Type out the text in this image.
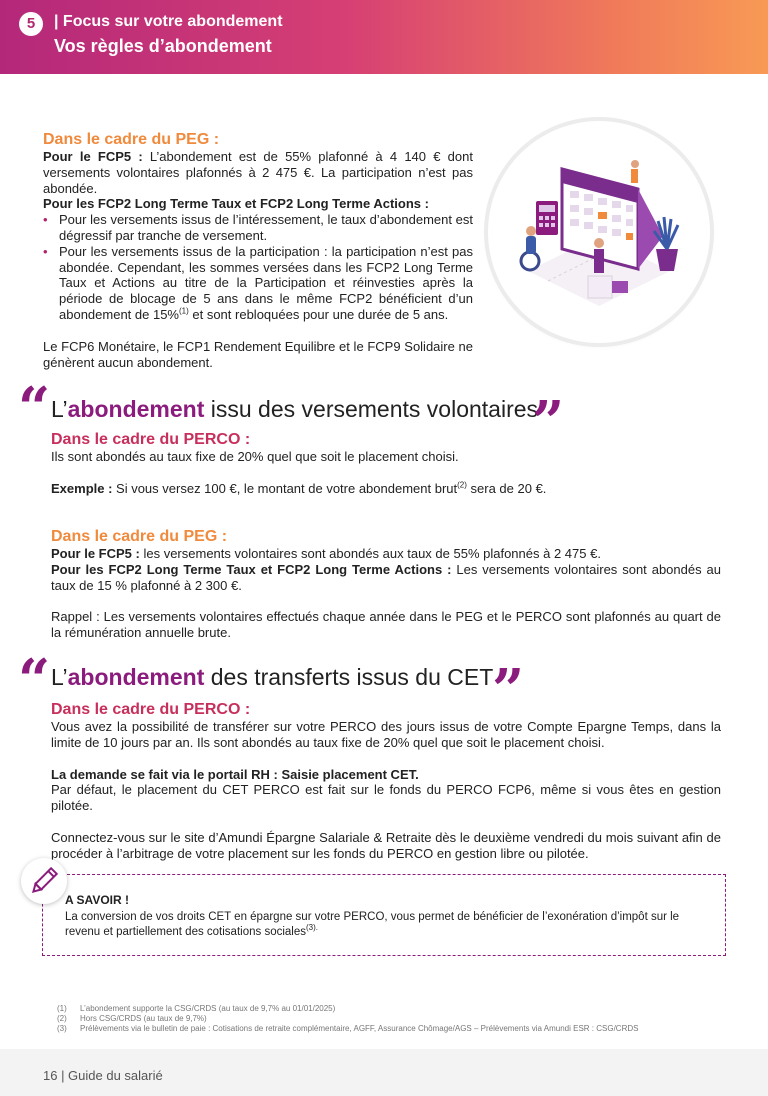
5	| Focus sur votre abondement
Vos règles d’abondement
Dans le cadre du PEG :

Pour le FCP5 : L’abondement est de 55% plafonné à 4 140 € dont versements volontaires plafonnés à 2 475 €. La participation n’est pas abondée.

Pour les FCP2 Long Terme Taux et FCP2 Long Terme Actions :

• Pour les versements issus de l’intéressement, le taux d’abondement est dégressif par tranche de versement.
• Pour les versements issus de la participation : la participation n’est pas abondée. Cependant, les sommes versées dans les FCP2 Long Terme Taux et Actions au titre de la Participation et réinvesties après la période de blocage de 5 ans dans le même FCP2 bénéficient d’un abondement de 15%$^{(1)}$ et sont rebloquées pour une durée de 5 ans.

Le FCP6 Monétaire, le FCP1 Rendement Equilibre et le FCP9 Solidaire ne génèrent aucun abondement.

“ L’abondement issu des versements volontaires
”
Dans le cadre du PERCO :

Ils sont abondés au taux fixe de 20% quel que soit le placement choisi.

Exemple : Si vous versez 100 €, le montant de votre abondement brut$^{(2)}$ sera de 20 €.

Dans le cadre du PEG :

Pour le FCP5 : les versements volontaires sont abondés aux taux de 55% plafonnés à 2 475 €.

Pour les FCP2 Long Terme Taux et FCP2 Long Terme Actions : Les versements volontaires sont abondés au taux de 15 % plafonné à 2 300 €.

Rappel : Les versements volontaires effectués chaque année dans le PEG et le PERCO sont plafonnés au quart de la rémunération annuelle brute.

“ L’abondement des transferts issus du CET
”
Dans le cadre du PERCO :

Vous avez la possibilité de transférer sur votre PERCO des jours issus de votre Compte Epargne Temps, dans la limite de 10 jours par an. Ils sont abondés au taux fixe de 20% quel que soit le placement choisi.

La demande se fait via le portail RH : Saisie placement CET.

Par défaut, le placement du CET PERCO est fait sur le fonds du PERCO FCP6, même si vous êtes en gestion pilotée.

Connectez-vous sur le site d’Amundi Épargne Salariale & Retraite dès le deuxième vendredi du mois suivant afin de procéder à l’arbitrage de votre placement sur les fonds du PERCO en gestion libre ou pilotée.

A SAVOIR !
La conversion de vos droits CET en épargne sur votre PERCO, vous permet de bénéficier de l’exonération d’impôt sur le revenu et partiellement des cotisations sociales$^{(3).}$
(1) L’abondement supporte la CSG/CRDS (au taux de 9,7% au 01/01/2025)
(2) Hors CSG/CRDS (au taux de 9,7%)
(3) Prélèvements via le bulletin de paie : Cotisations de retraite complémentaire, AGFF, Assurance Chômage/AGS – Prélèvements via Amundi ESR : CSG/CRDS
16 | Guide du salarié
